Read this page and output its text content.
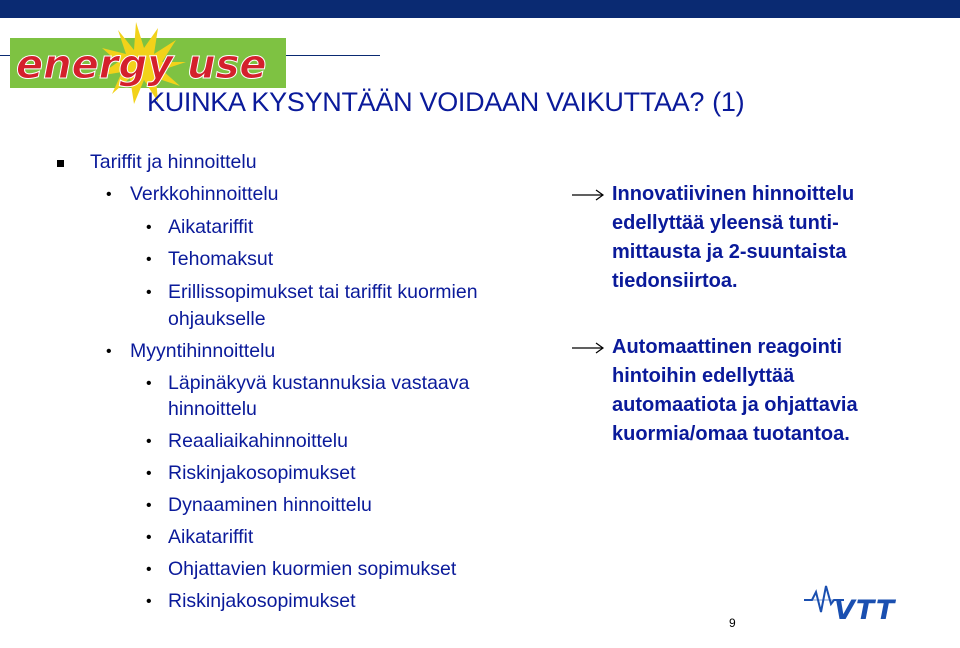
energy use
KUINKA KYSYNTÄÄN VOIDAAN VAIKUTTAA? (1)
Tariffit ja hinnoittelu
• Verkkohinnoittelu
• Aikatariffit
• Tehomaksut
• Erillissopimukset tai tariffit kuormien
ohjaukselle
• Myyntihinnoittelu
• Läpinäkyvä kustannuksia vastaava
hinnoittelu
• Reaaliaikahinnoittelu
• Riskinjakosopimukset
• Dynaaminen hinnoittelu
• Aikatariffit
• Ohjattavien kuormien sopimukset
• Riskinjakosopimukset
Innovatiivinen hinnoittelu
edellyttää yleensä tunti-
mittausta ja 2-suuntaista
tiedonsiirtoa.
Automaattinen reagointi
hintoihin edellyttää
automaatiota ja ohjattavia
kuormia/omaa tuotantoa.
9	VTT
